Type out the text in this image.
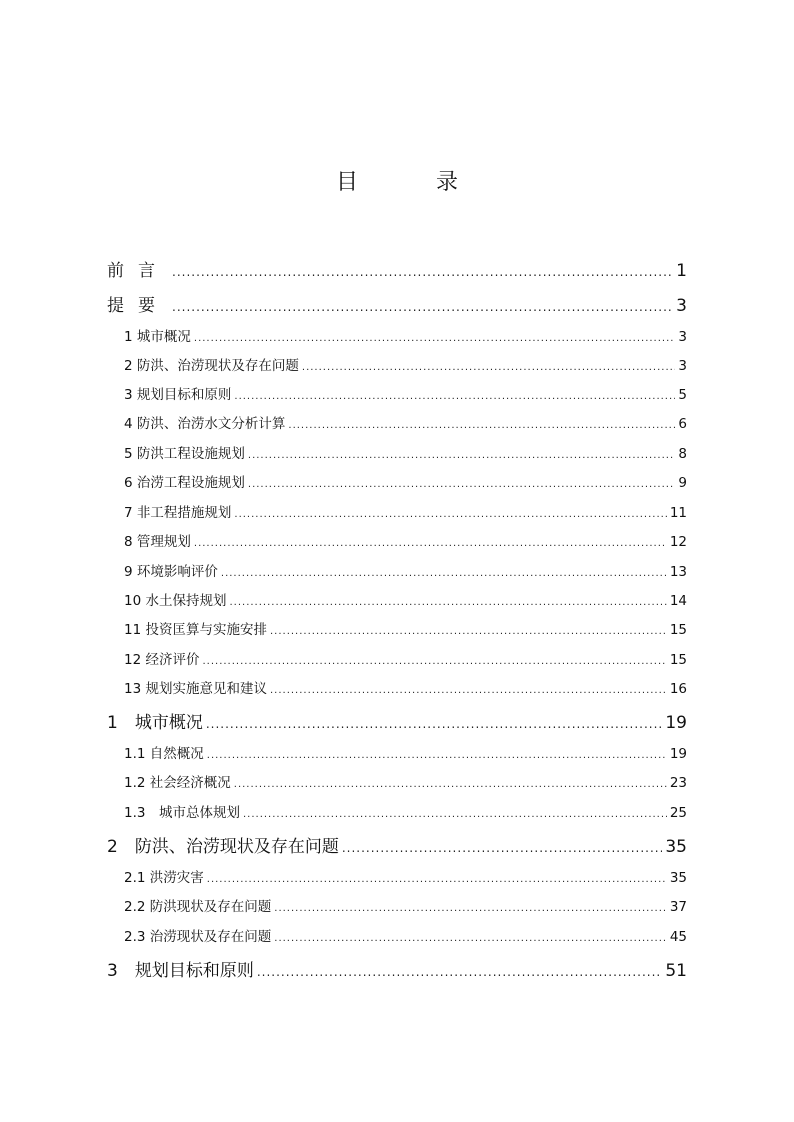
目　录
前言 .....	1
提要 .....	3
1 城市概况 .....	3
2 防洪、治涝现状及存在问题 .....	3
3 规划目标和原则 .....	5
4 防洪、治涝水文分析计算 .....	6
5 防洪工程设施规划 .....	8
6 治涝工程设施规划 .....	9
7 非工程措施规划 .....	11
8 管理规划 .....	12
9 环境影响评价 .....	13
10 水土保持规划 .....	14
11 投资匡算与实施安排 .....	15
12 经济评价 .....	15
13 规划实施意见和建议 .....	16
1　城市概况 .....	19
1.1 自然概况 .....	19
1.2 社会经济概况 .....	23
1.3　城市总体规划 .....	25
2　防洪、治涝现状及存在问题 .....	35
2.1 洪涝灾害 .....	35
2.2 防洪现状及存在问题 .....	37
2.3 治涝现状及存在问题 .....	45
3　规划目标和原则 .....	51
